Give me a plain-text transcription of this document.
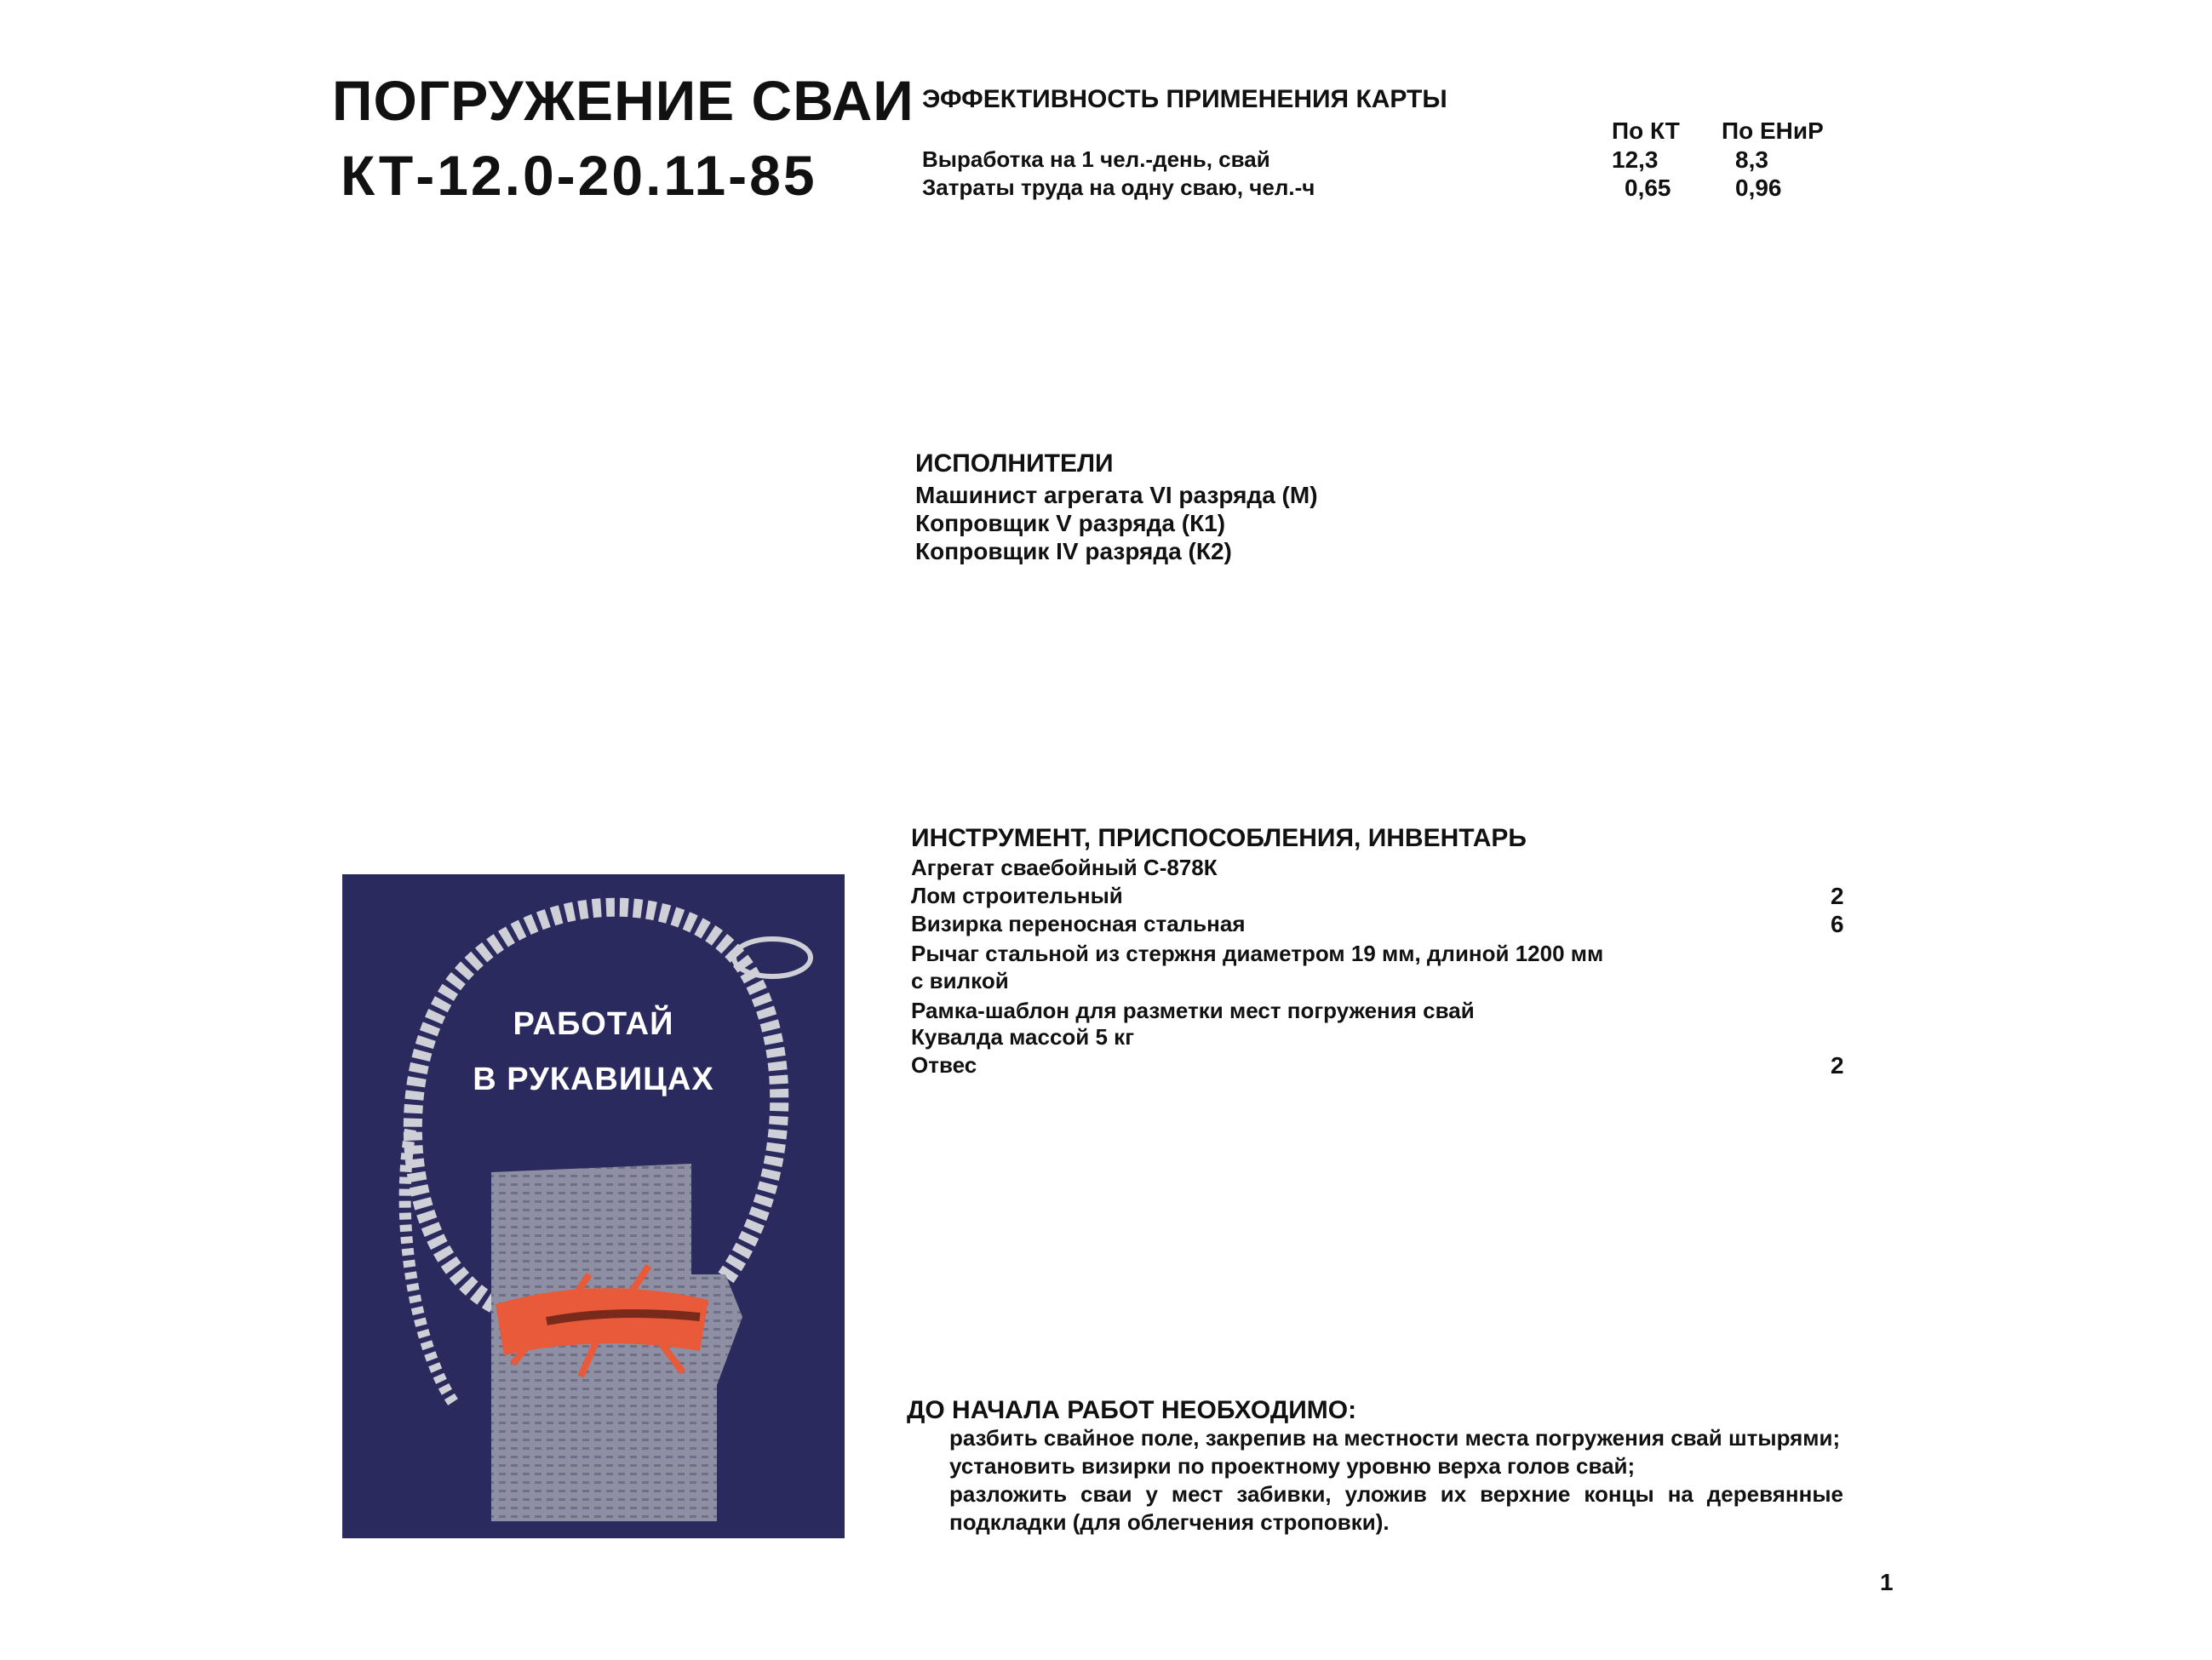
ПОГРУЖЕНИЕ СВАИ
КТ-12.0-20.11-85
ЭФФЕКТИВНОСТЬ ПРИМЕНЕНИЯ КАРТЫ
По КТ По ЕНиР
Выработка на 1 чел.-день, свай	12,3	8,3
Затраты труда на одну сваю, чел.-ч	0,65	0,96
ИСПОЛНИТЕЛИ
Машинист агрегата VI разряда (М)
Копровщик V разряда (К1)
Копровщик IV разряда (К2)
ИНСТРУМЕНТ, ПРИСПОСОБЛЕНИЯ, ИНВЕНТАРЬ
Агрегат сваебойный С-878К
Лом строительный	2
Визирка переносная стальная	6
Рычаг стальной из стержня диаметром 19 мм, длиной 1200 мм
с вилкой
Рамка-шаблон для разметки мест погружения свай
Кувалда массой 5 кг
Отвес	2
РАБОТАЙ
В РУКАВИЦАХ
ДО НАЧАЛА РАБОТ НЕОБХОДИМО:
разбить свайное поле, закрепив на местности места погружения свай штырями;
установить визирки по проектному уровню верха голов свай;
разложить сваи у мест забивки, уложив их верхние концы на деревянные подкладки (для облегчения строповки).
1
